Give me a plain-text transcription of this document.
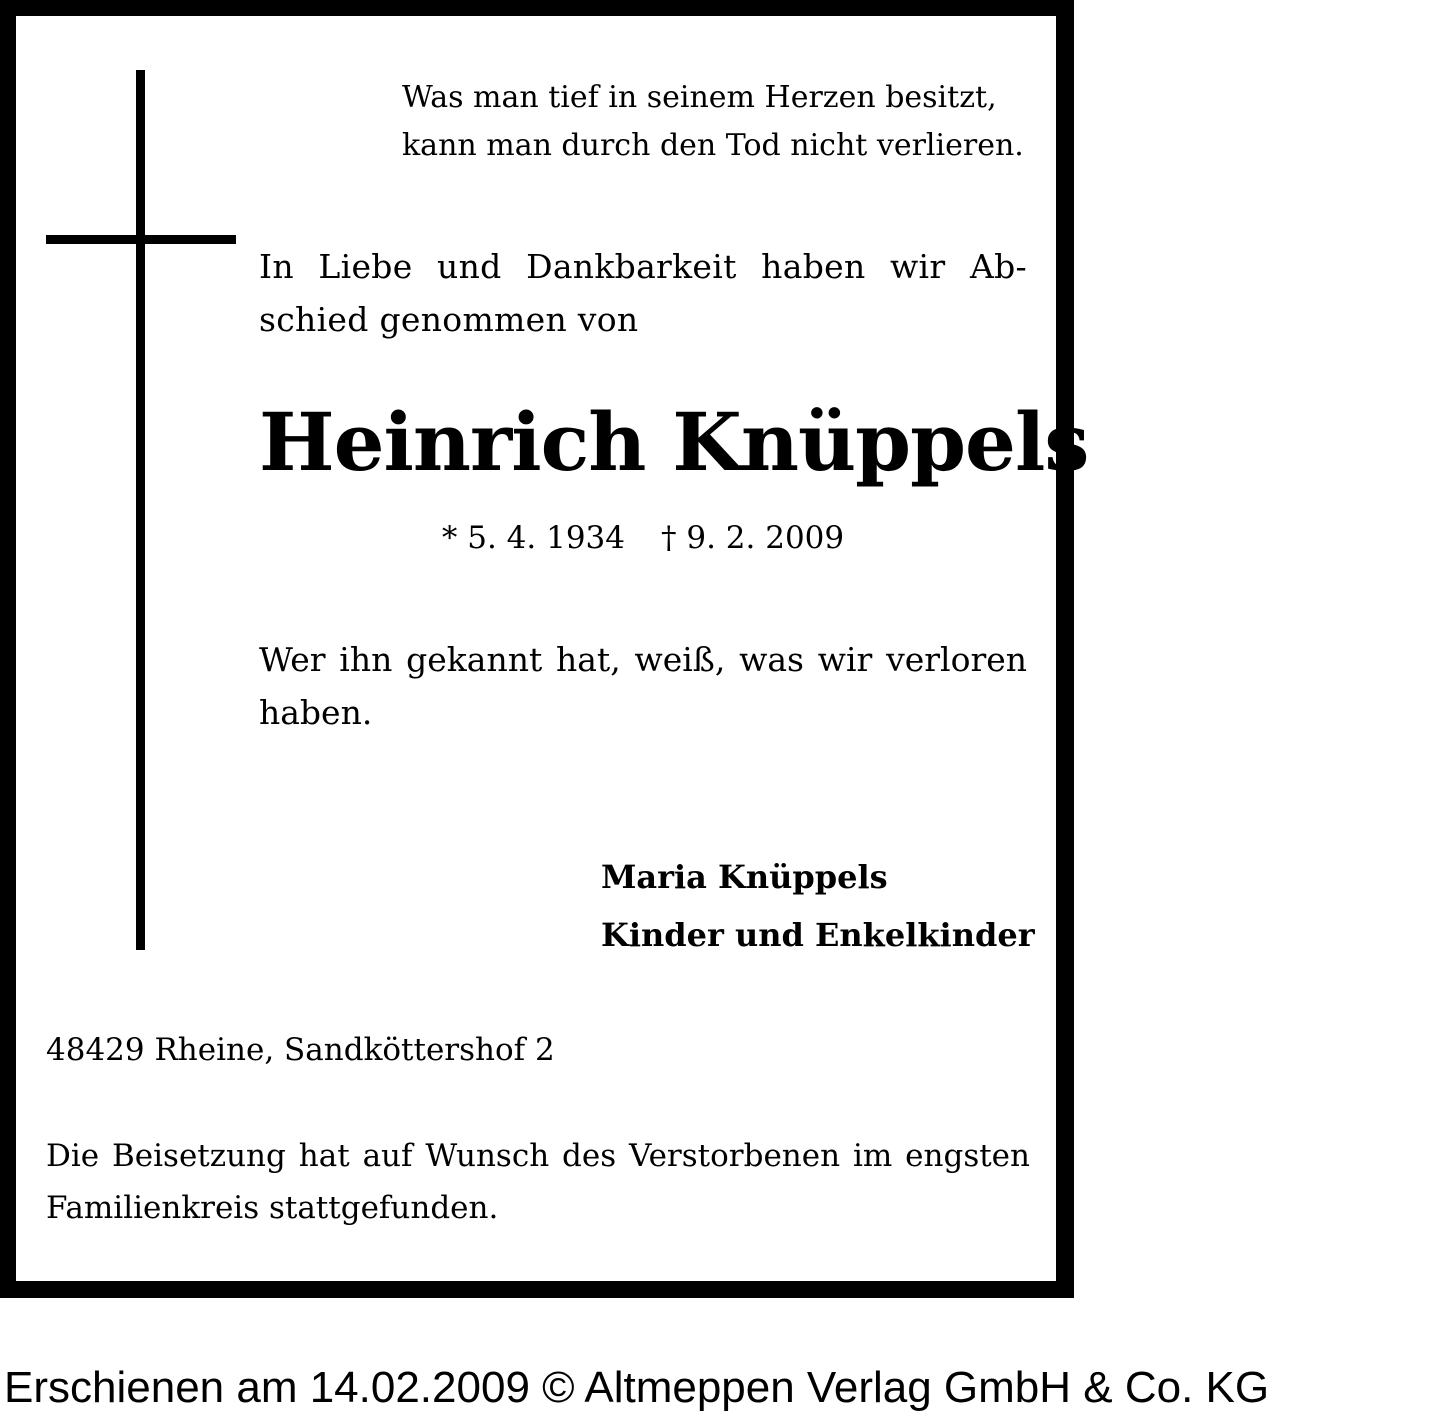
Was man tief in seinem Herzen besitzt,
kann man durch den Tod nicht verlieren.
In Liebe und Dankbarkeit haben wir Ab-
schied genommen von
Heinrich Knüppels
* 5. 4. 1934 † 9. 2. 2009
Wer ihn gekannt hat, weiß, was wir verloren
haben.
Maria Knüppels
Kinder und Enkelkinder
48429 Rheine, Sandköttershof 2
Die Beisetzung hat auf Wunsch des Verstorbenen im engsten
Familienkreis stattgefunden.
Erschienen am 14.02.2009 © Altmeppen Verlag GmbH & Co. KG
